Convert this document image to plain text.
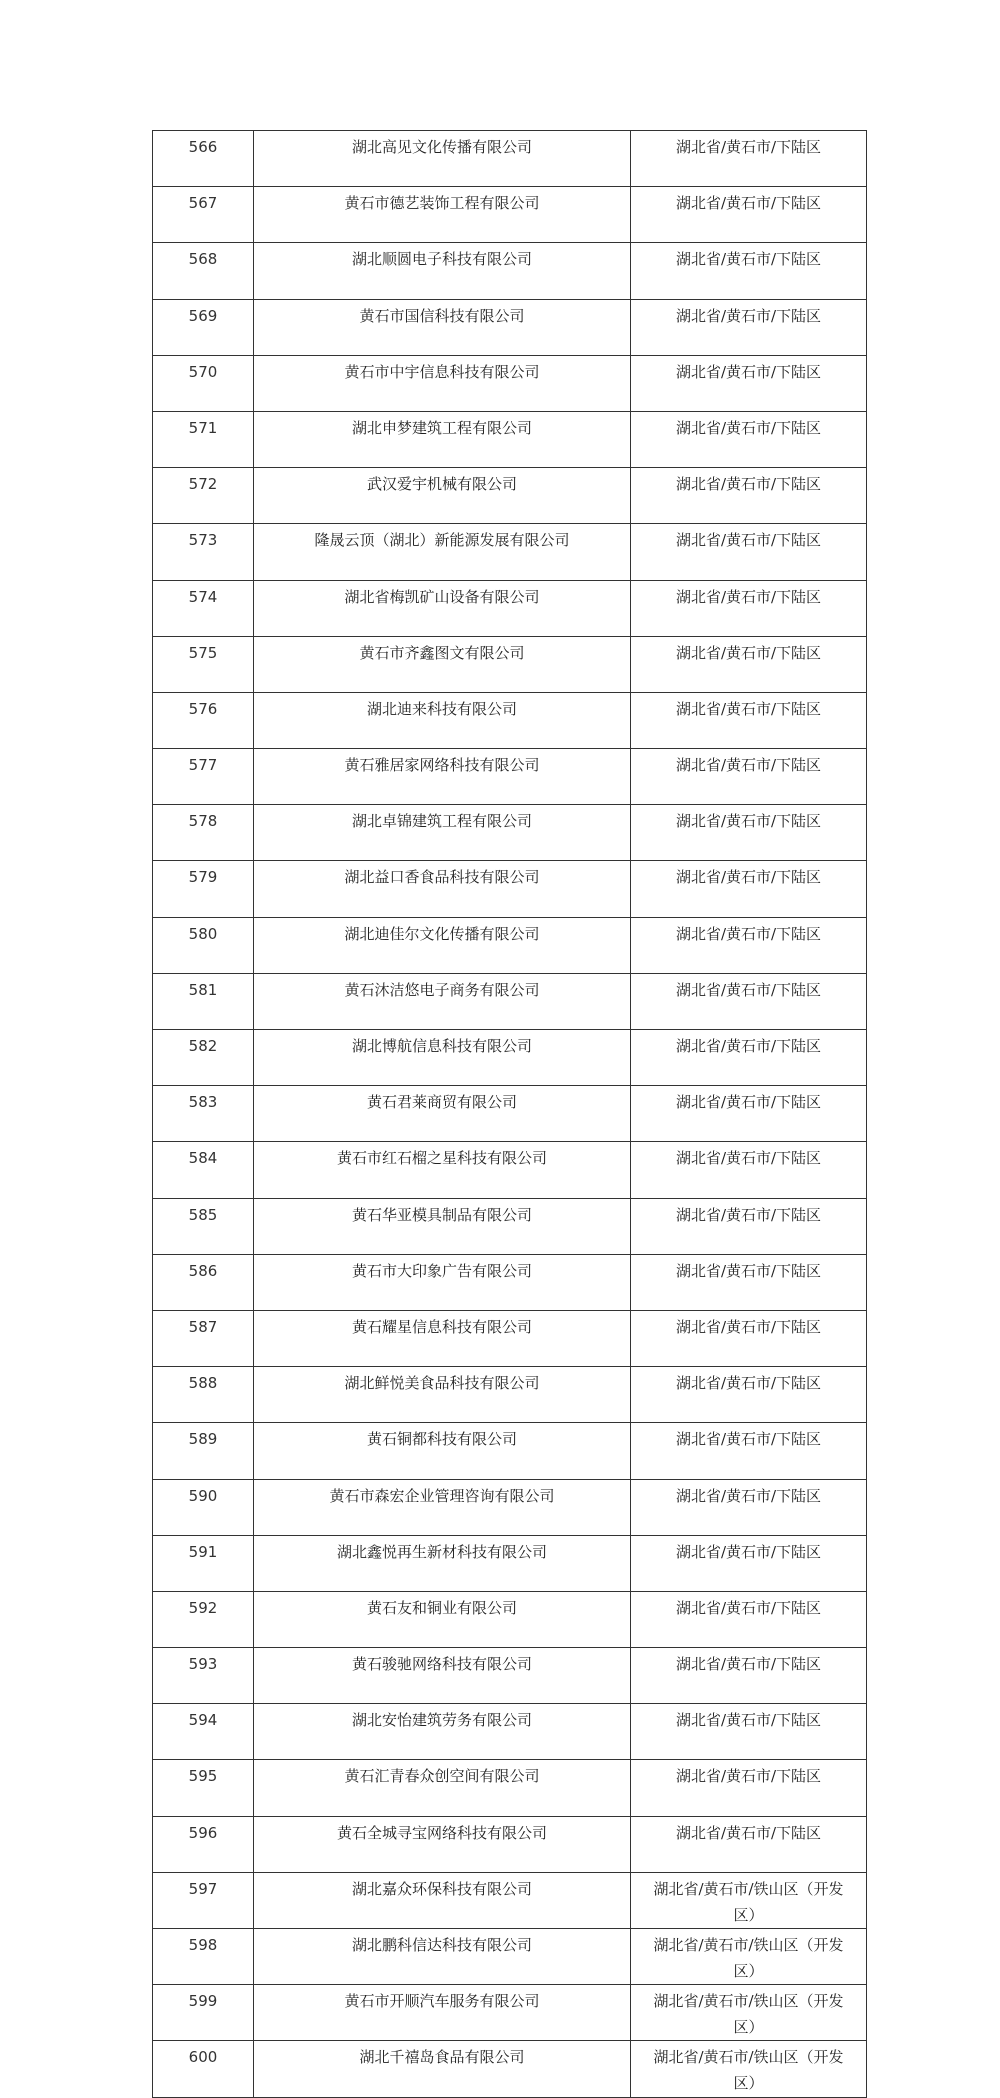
566	湖北高见文化传播有限公司	湖北省/黄石市/下陆区
567	黄石市德艺装饰工程有限公司	湖北省/黄石市/下陆区
568	湖北顺圆电子科技有限公司	湖北省/黄石市/下陆区
569	黄石市国信科技有限公司	湖北省/黄石市/下陆区
570	黄石市中宇信息科技有限公司	湖北省/黄石市/下陆区
571	湖北申梦建筑工程有限公司	湖北省/黄石市/下陆区
572	武汉爱宇机械有限公司	湖北省/黄石市/下陆区
573	隆晟云顶（湖北）新能源发展有限公司	湖北省/黄石市/下陆区
574	湖北省梅凯矿山设备有限公司	湖北省/黄石市/下陆区
575	黄石市齐鑫图文有限公司	湖北省/黄石市/下陆区
576	湖北迪来科技有限公司	湖北省/黄石市/下陆区
577	黄石雅居家网络科技有限公司	湖北省/黄石市/下陆区
578	湖北卓锦建筑工程有限公司	湖北省/黄石市/下陆区
579	湖北益口香食品科技有限公司	湖北省/黄石市/下陆区
580	湖北迪佳尔文化传播有限公司	湖北省/黄石市/下陆区
581	黄石沐洁悠电子商务有限公司	湖北省/黄石市/下陆区
582	湖北博航信息科技有限公司	湖北省/黄石市/下陆区
583	黄石君莱商贸有限公司	湖北省/黄石市/下陆区
584	黄石市红石榴之星科技有限公司	湖北省/黄石市/下陆区
585	黄石华亚模具制品有限公司	湖北省/黄石市/下陆区
586	黄石市大印象广告有限公司	湖北省/黄石市/下陆区
587	黄石耀星信息科技有限公司	湖北省/黄石市/下陆区
588	湖北鲜悦美食品科技有限公司	湖北省/黄石市/下陆区
589	黄石铜都科技有限公司	湖北省/黄石市/下陆区
590	黄石市森宏企业管理咨询有限公司	湖北省/黄石市/下陆区
591	湖北鑫悦再生新材科技有限公司	湖北省/黄石市/下陆区
592	黄石友和铜业有限公司	湖北省/黄石市/下陆区
593	黄石骏驰网络科技有限公司	湖北省/黄石市/下陆区
594	湖北安怡建筑劳务有限公司	湖北省/黄石市/下陆区
595	黄石汇青春众创空间有限公司	湖北省/黄石市/下陆区
596	黄石全城寻宝网络科技有限公司	湖北省/黄石市/下陆区
597	湖北嘉众环保科技有限公司	湖北省/黄石市/铁山区（开发区）
598	湖北鹏科信达科技有限公司	湖北省/黄石市/铁山区（开发区）
599	黄石市开顺汽车服务有限公司	湖北省/黄石市/铁山区（开发区）
600	湖北千禧岛食品有限公司	湖北省/黄石市/铁山区（开发区）
